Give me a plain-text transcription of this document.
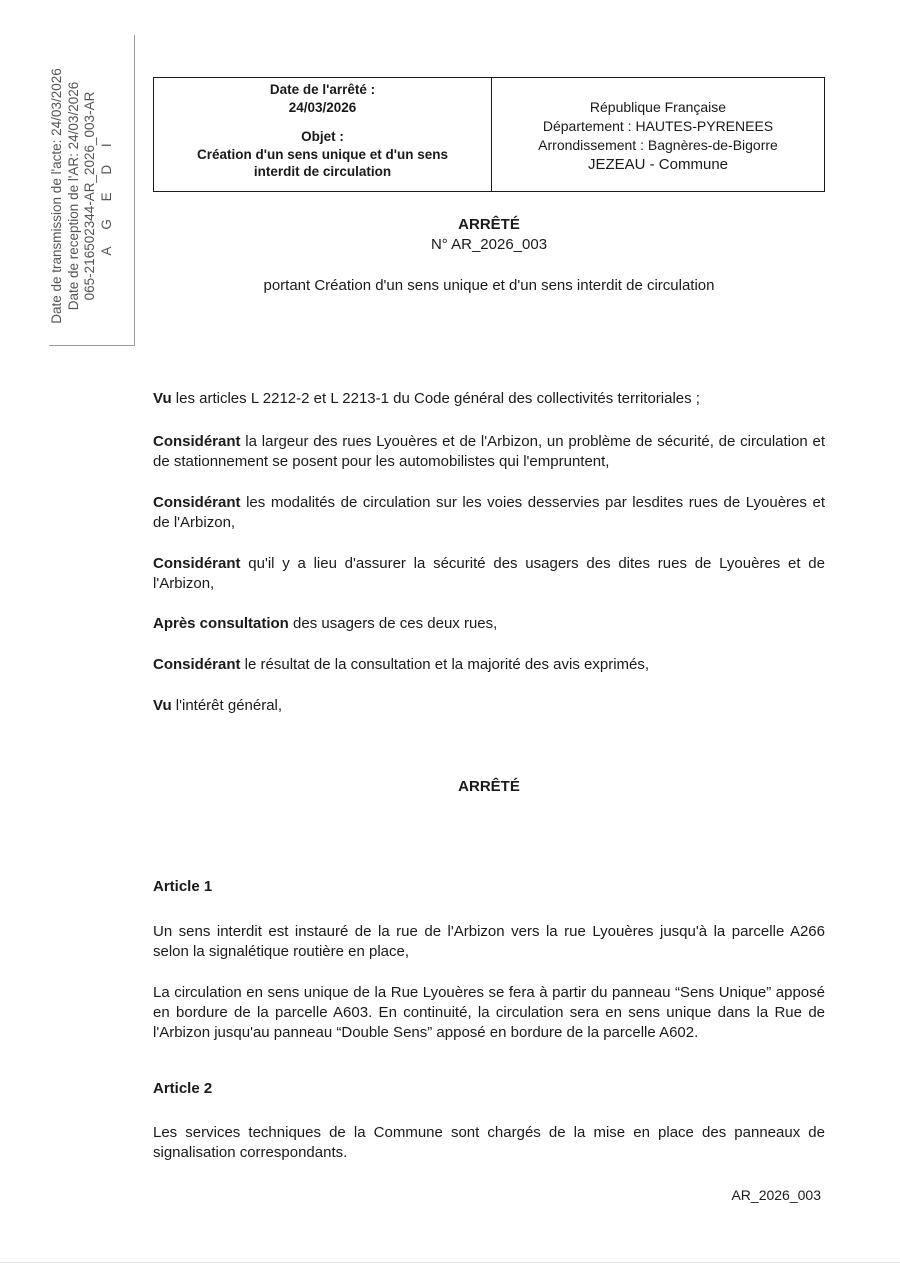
Date de transmission de l'acte: 24/03/2026 Date de reception de l'AR: 24/03/2026 065-216502344-AR_2026_003-AR A G E D I
Date de l'arrêté :
24/03/2026
Objet :
Création d'un sens unique et d'un sens
interdit de circulation
République Française
Département : HAUTES-PYRENEES
Arrondissement : Bagnères-de-Bigorre
JEZEAU - Commune
ARRÊTÉ
N° AR_2026_003
portant Création d'un sens unique et d'un sens interdit de circulation

Vu les articles L 2212-2 et L 2213-1 du Code général des collectivités territoriales ;

Considérant la largeur des rues Lyouères et de l'Arbizon, un problème de sécurité, de circulation et de stationnement se posent pour les automobilistes qui l'empruntent,

Considérant les modalités de circulation sur les voies desservies par lesdites rues de Lyouères et de l'Arbizon,

Considérant qu'il y a lieu d'assurer la sécurité des usagers des dites rues de Lyouères et de l'Arbizon,

Après consultation des usagers de ces deux rues,

Considérant le résultat de la consultation et la majorité des avis exprimés,

Vu l'intérêt général,

ARRÊTÉ
Article 1

Un sens interdit est instauré de la rue de l'Arbizon vers la rue Lyouères jusqu'à la parcelle A266 selon la signalétique routière en place,

La circulation en sens unique de la Rue Lyouères se fera à partir du panneau “Sens Unique” apposé en bordure de la parcelle A603. En continuité, la circulation sera en sens unique dans la Rue de l'Arbizon jusqu'au panneau “Double Sens” apposé en bordure de la parcelle A602.

Article 2

Les services techniques de la Commune sont chargés de la mise en place des panneaux de signalisation correspondants.

AR_2026_003
